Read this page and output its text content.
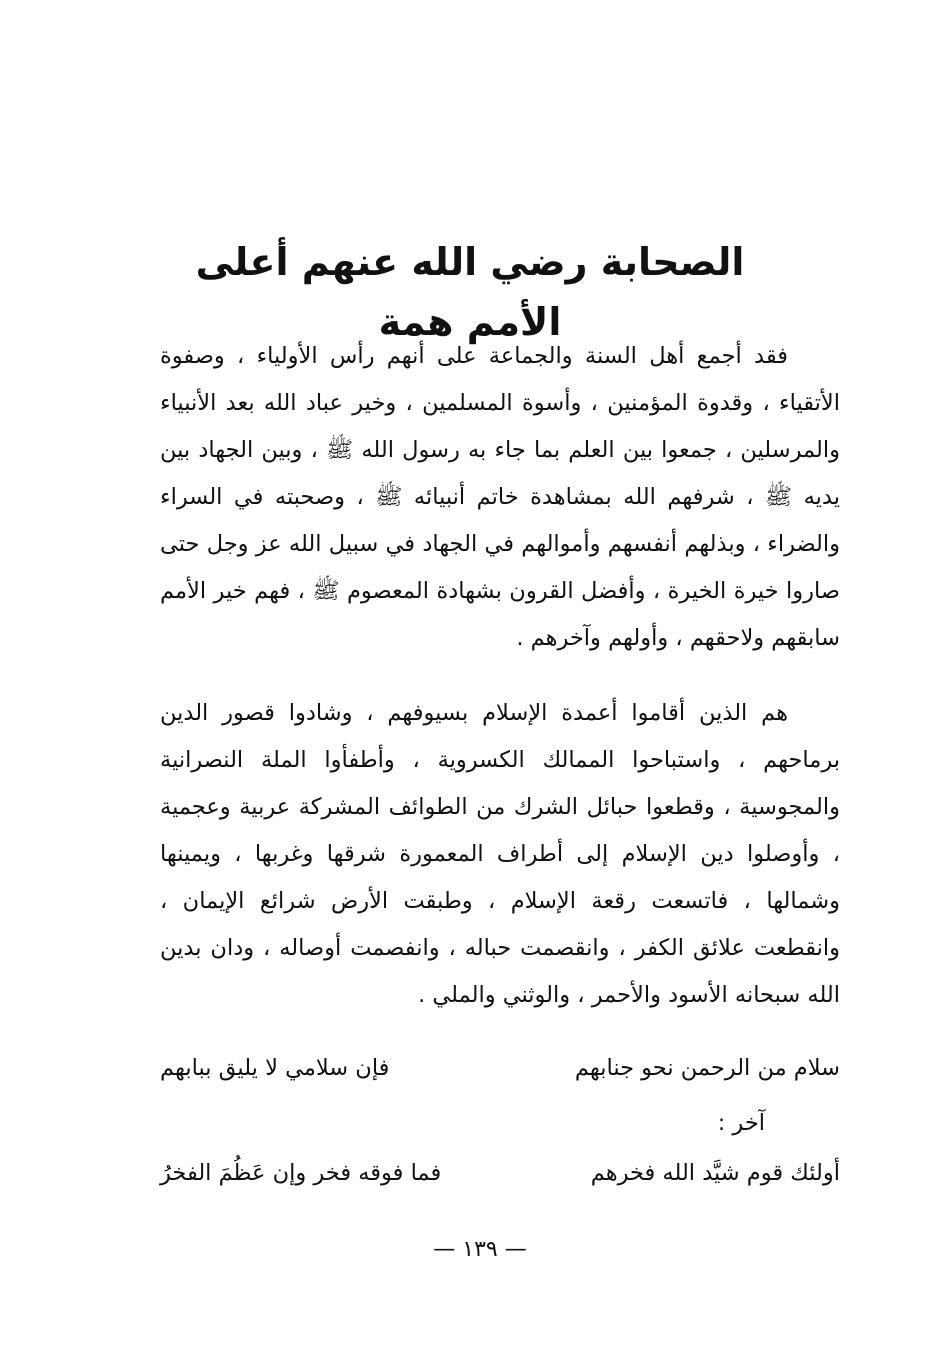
الصحابة رضي الله عنهم أعلى الأمم همة

فقد أجمع أهل السنة والجماعة على أنهم رأس الأولياء ، وصفوة الأتقياء ، وقدوة المؤمنين ، وأسوة المسلمين ، وخير عباد الله بعد الأنبياء والمرسلين ، جمعوا بين العلم بما جاء به رسول الله ﷺ ، وبين الجهاد بين يديه ﷺ ، شرفهم الله بمشاهدة خاتم أنبيائه ﷺ ، وصحبته في السراء والضراء ، وبذلهم أنفسهم وأموالهم في الجهاد في سبيل الله عز وجل حتى صاروا خيرة الخيرة ، وأفضل القرون بشهادة المعصوم ﷺ ، فهم خير الأمم سابقهم ولاحقهم ، وأولهم وآخرهم .

هم الذين أقاموا أعمدة الإسلام بسيوفهم ، وشادوا قصور الدين برماحهم ، واستباحوا الممالك الكسروية ، وأطفأوا الملة النصرانية والمجوسية ، وقطعوا حبائل الشرك من الطوائف المشركة عربية وعجمية ، وأوصلوا دين الإسلام إلى أطراف المعمورة شرقها وغربها ، ويمينها وشمالها ، فاتسعت رقعة الإسلام ، وطبقت الأرض شرائع الإيمان ، وانقطعت علائق الكفر ، وانقصمت حباله ، وانفصمت أوصاله ، ودان بدين الله سبحانه الأسود والأحمر ، والوثني والملي .

سلام من الرحمن نحو جنابهم
فإن سلامي لا يليق ببابهم
آخر :
أولئك قوم شيَّد الله فخرهم
فما فوقه فخر وإن عَظُمَ الفخرُ
— ١٣٩ —
